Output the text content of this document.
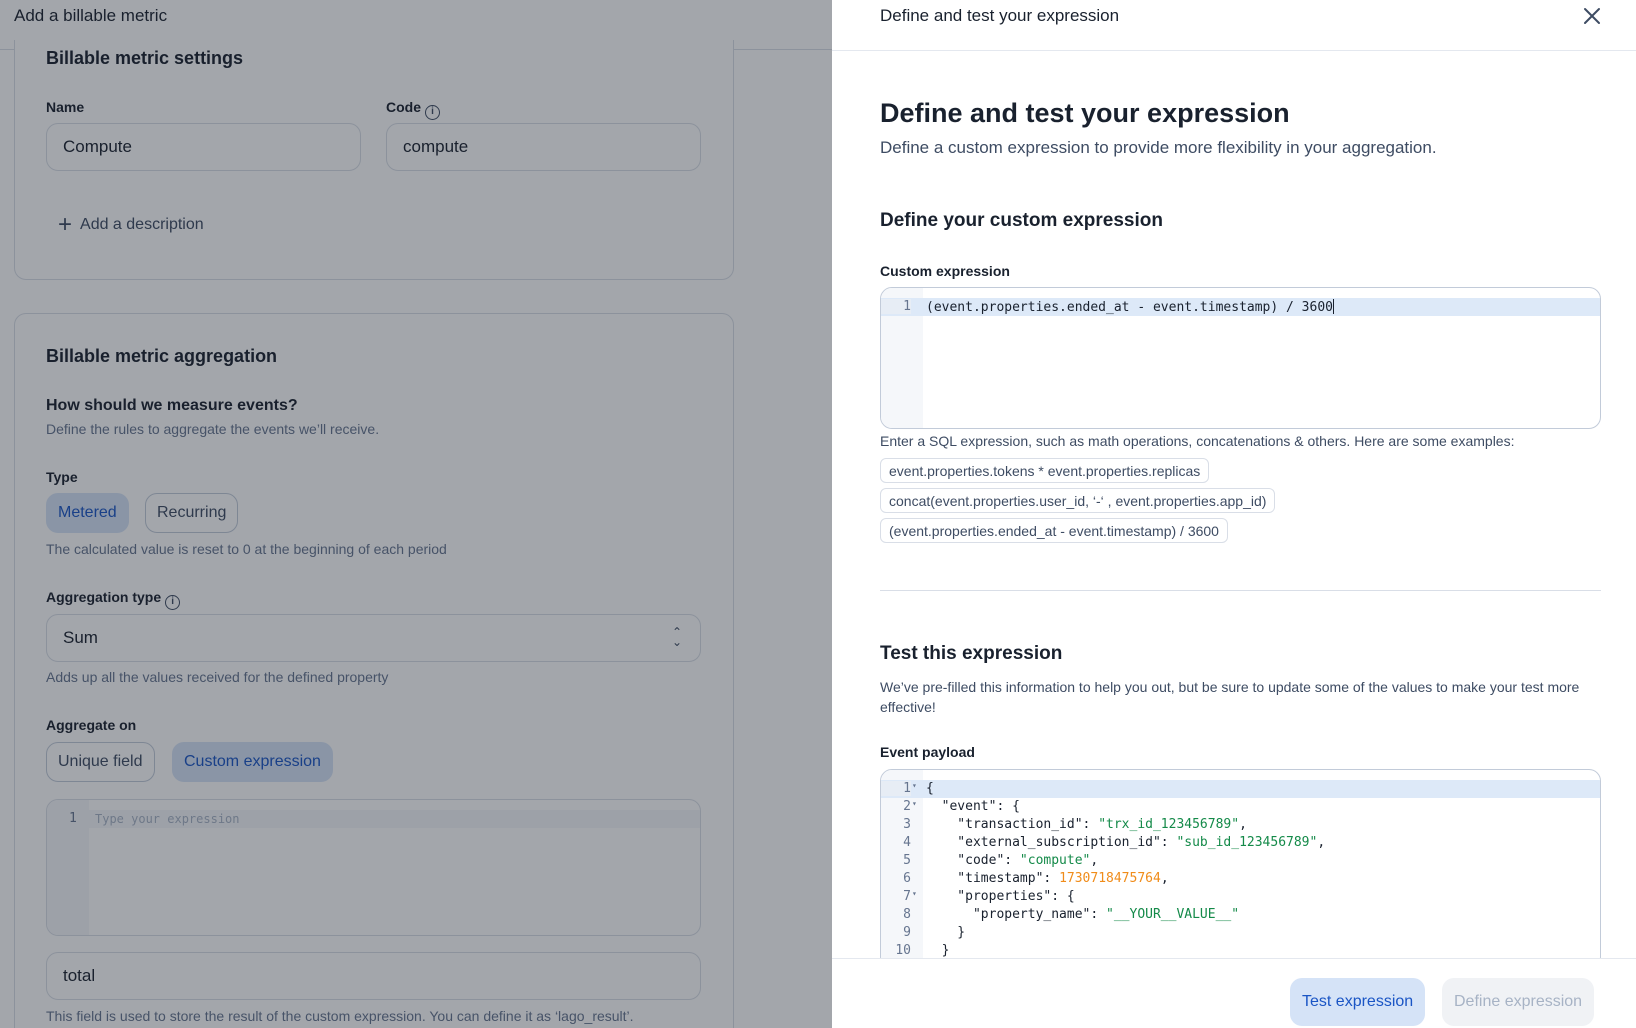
Add a billable metric
Billable metric settings
Name	Code i
Compute	compute
+ Add a description
Billable metric aggregation
How should we measure events?
Define the rules to aggregate the events we’ll receive.
Type
Metered	Recurring
The calculated value is reset to 0 at the beginning of each period
Aggregation type i
Sum	⌃
⌄
Adds up all the values received for the defined property
Aggregate on
Unique field	Custom expression
1 Type your expression
total
This field is used to store the result of the custom expression. You can define it as ‘lago_result’.
Define and test your expression
Define and test your expression
Define a custom expression to provide more flexibility in your aggregation.
Define your custom expression
Custom expression
1 (event.properties.ended_at - event.timestamp) / 3600
Enter a SQL expression, such as math operations, concatenations & others. Here are some examples:
event.properties.tokens * event.properties.replicas
concat(event.properties.user_id, ‘-‘ , event.properties.app_id)
(event.properties.ended_at - event.timestamp) / 3600
Test this expression
We’ve pre-filled this information to help you out, but be sure to update some of the values to make your test more effective!
Event payload
1 ▾ {
2 ▾ "event": {
3 "transaction_id": "trx_id_123456789",
4 "external_subscription_id": "sub_id_123456789",
5 "code": "compute",
6 "timestamp": 1730718475764,
7 ▾ "properties": {
8 "property_name": "__YOUR__VALUE__"
9 }
10 }
Test expression	Define expression
